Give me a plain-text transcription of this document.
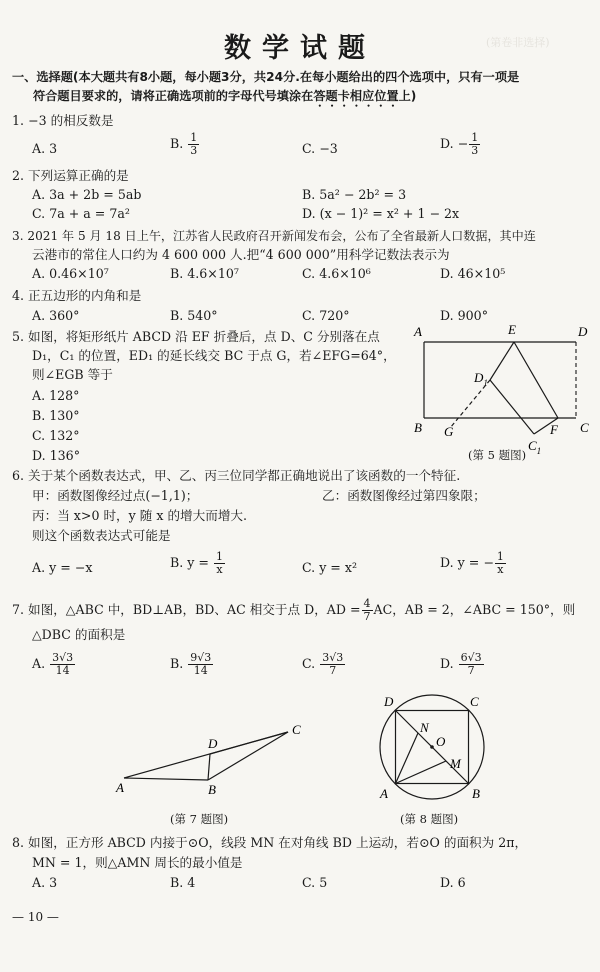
(第卷非选择)
数学试题
一、选择题(本大题共有8小题，每小题3分，共24分.在每小题给出的四个选项中，只有一项是
符合题目要求的，请将正确选项前的字母代号填涂在答题卡相应位置上)
1. −3 的相反数是
A. 3	B. $\frac{1}{3}$	C. −3	D. − $\frac{1}{3}$
2. 下列运算正确的是
A. 3a + 2b = 5ab	B. 5a² − 2b² = 3
C. 7a + a = 7a²	D. (x − 1)² = x² + 1 − 2x
3. 2021 年 5 月 18 日上午，江苏省人民政府召开新闻发布会，公布了全省最新人口数据，其中连
云港市的常住人口约为 4 600 000 人.把“4 600 000”用科学记数法表示为
A. 0.46×10⁷	B. 4.6×10⁷	C. 4.6×10⁶	D. 46×10⁵
4. 正五边形的内角和是
A. 360°	B. 540°	C. 720°	D. 900°
5. 如图，将矩形纸片 ABCD 沿 EF 折叠后，点 D、C 分别落在点
D₁，C₁ 的位置，ED₁ 的延长线交 BC 于点 G，若∠EFG=64°，
则∠EGB 等于
A. 128°
B. 130°
C. 132°
D. 136°
A	E	D
$D_1$
B G	F C
$C_1$
(第 5 题图)
6. 关于某个函数表达式，甲、乙、丙三位同学都正确地说出了该函数的一个特征.
甲：函数图像经过点(−1,1)；	乙：函数图像经过第四象限；
丙：当 x>0 时，y 随 x 的增大而增大.
则这个函数表达式可能是
A. y = −x	B. $y = \frac{1}{x}$	C. y = x²	D. y = − $\frac{1}{x}$
7. 如图，△ABC 中，BD⊥AB，BD、AC 相交于点 D，AD = $\frac{4}{7}$ AC，AB = 2，∠ABC = 150°，则
△DBC 的面积是
A. $\frac{3√3}{14}$	B. $\frac{9√3}{14}$	C. $\frac{3√3}{7}$	D. $\frac{6√3}{7}$
A	B
C
D
(第 7 题图)
D	C
A	B
N
O
M
(第 8 题图)
8. 如图，正方形 ABCD 内接于⊙O，线段 MN 在对角线 BD 上运动，若⊙O 的面积为 2π，
MN = 1，则△AMN 周长的最小值是
A. 3	B. 4	C. 5	D. 6
— 10 —
